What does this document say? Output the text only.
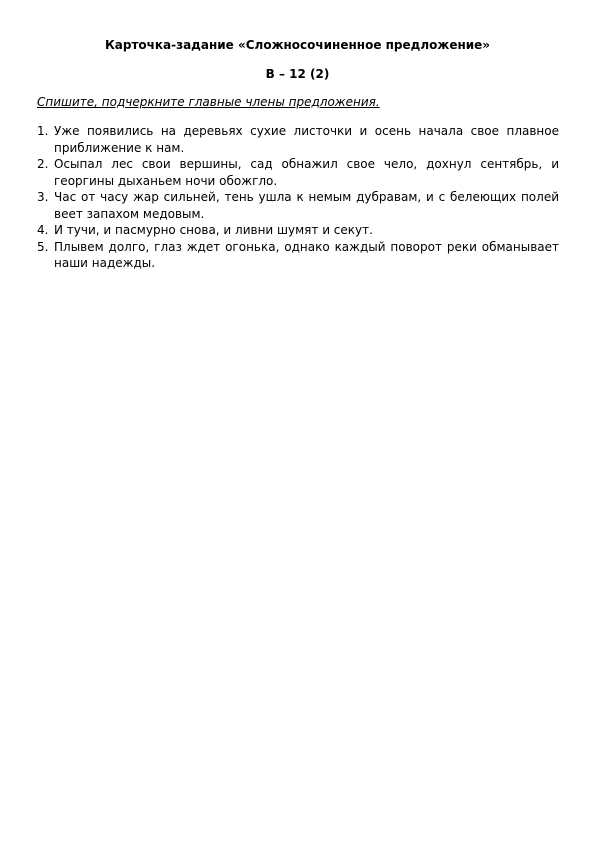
Карточка-задание «Сложносочиненное предложение»
В – 12 (2)
Спишите, подчеркните главные члены предложения.
1. Уже появились на деревьях сухие листочки и осень начала свое плавное приближение к нам.
2. Осыпал лес свои вершины, сад обнажил свое чело, дохнул сентябрь, и георгины дыханьем ночи обожгло.
3. Час от часу жар сильней, тень ушла к немым дубравам, и с белеющих полей веет запахом медовым.
4. И тучи, и пасмурно снова, и ливни шумят и секут.
5. Плывем долго, глаз ждет огонька, однако каждый поворот реки обманывает наши надежды.
